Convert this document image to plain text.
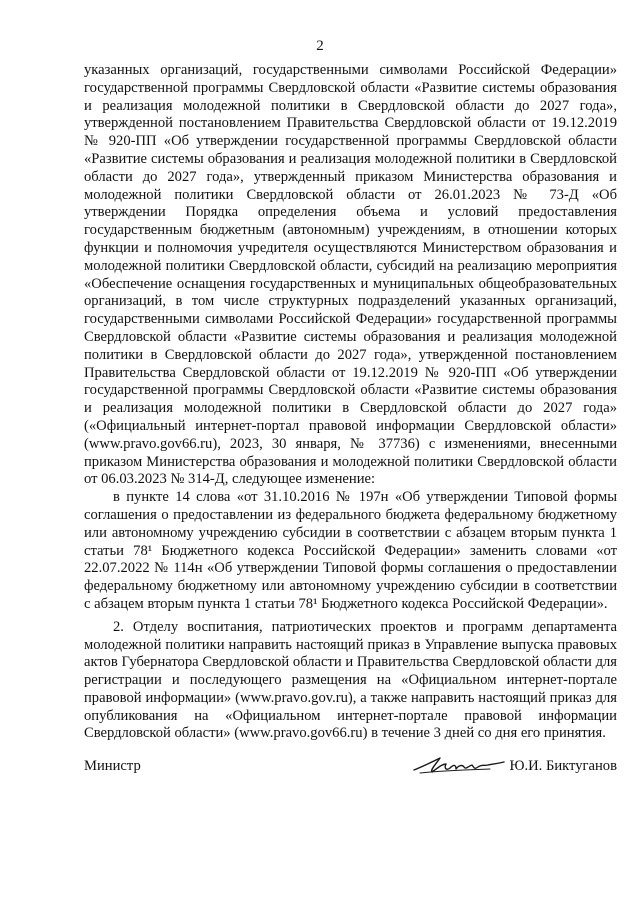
2

указанных организаций, государственными символами Российской Федерации» государственной программы Свердловской области «Развитие системы образования и реализация молодежной политики в Свердловской области до 2027 года», утвержденной постановлением Правительства Свердловской области от 19.12.2019 № 920-ПП «Об утверждении государственной программы Свердловской области «Развитие системы образования и реализация молодежной политики в Свердловской области до 2027 года», утвержденный приказом Министерства образования и молодежной политики Свердловской области от 26.01.2023 № 73-Д «Об утверждении Порядка определения объема и условий предоставления государственным бюджетным (автономным) учреждениям, в отношении которых функции и полномочия учредителя осуществляются Министерством образования и молодежной политики Свердловской области, субсидий на реализацию мероприятия «Обеспечение оснащения государственных и муниципальных общеобразовательных организаций, в том числе структурных подразделений указанных организаций, государственными символами Российской Федерации» государственной программы Свердловской области «Развитие системы образования и реализация молодежной политики в Свердловской области до 2027 года», утвержденной постановлением Правительства Свердловской области от 19.12.2019 № 920-ПП «Об утверждении государственной программы Свердловской области «Развитие системы образования и реализация молодежной политики в Свердловской области до 2027 года» («Официальный интернет-портал правовой информации Свердловской области» (www.pravo.gov66.ru), 2023, 30 января, № 37736) с изменениями, внесенными приказом Министерства образования и молодежной политики Свердловской области от 06.03.2023 № 314-Д, следующее изменение:

в пункте 14 слова «от 31.10.2016 № 197н «Об утверждении Типовой формы соглашения о предоставлении из федерального бюджета федеральному бюджетному или автономному учреждению субсидии в соответствии с абзацем вторым пункта 1 статьи 78¹ Бюджетного кодекса Российской Федерации» заменить словами «от 22.07.2022 № 114н «Об утверждении Типовой формы соглашения о предоставлении федеральному бюджетному или автономному учреждению субсидии в соответствии с абзацем вторым пункта 1 статьи 78¹ Бюджетного кодекса Российской Федерации».

2. Отделу воспитания, патриотических проектов и программ департамента молодежной политики направить настоящий приказ в Управление выпуска правовых актов Губернатора Свердловской области и Правительства Свердловской области для регистрации и последующего размещения на «Официальном интернет-портале правовой информации» (www.pravo.gov.ru), а также направить настоящий приказ для опубликования на «Официальном интернет-портале правовой информации Свердловской области» (www.pravo.gov66.ru) в течение 3 дней со дня его принятия.

Министр	Ю.И. Биктуганов
